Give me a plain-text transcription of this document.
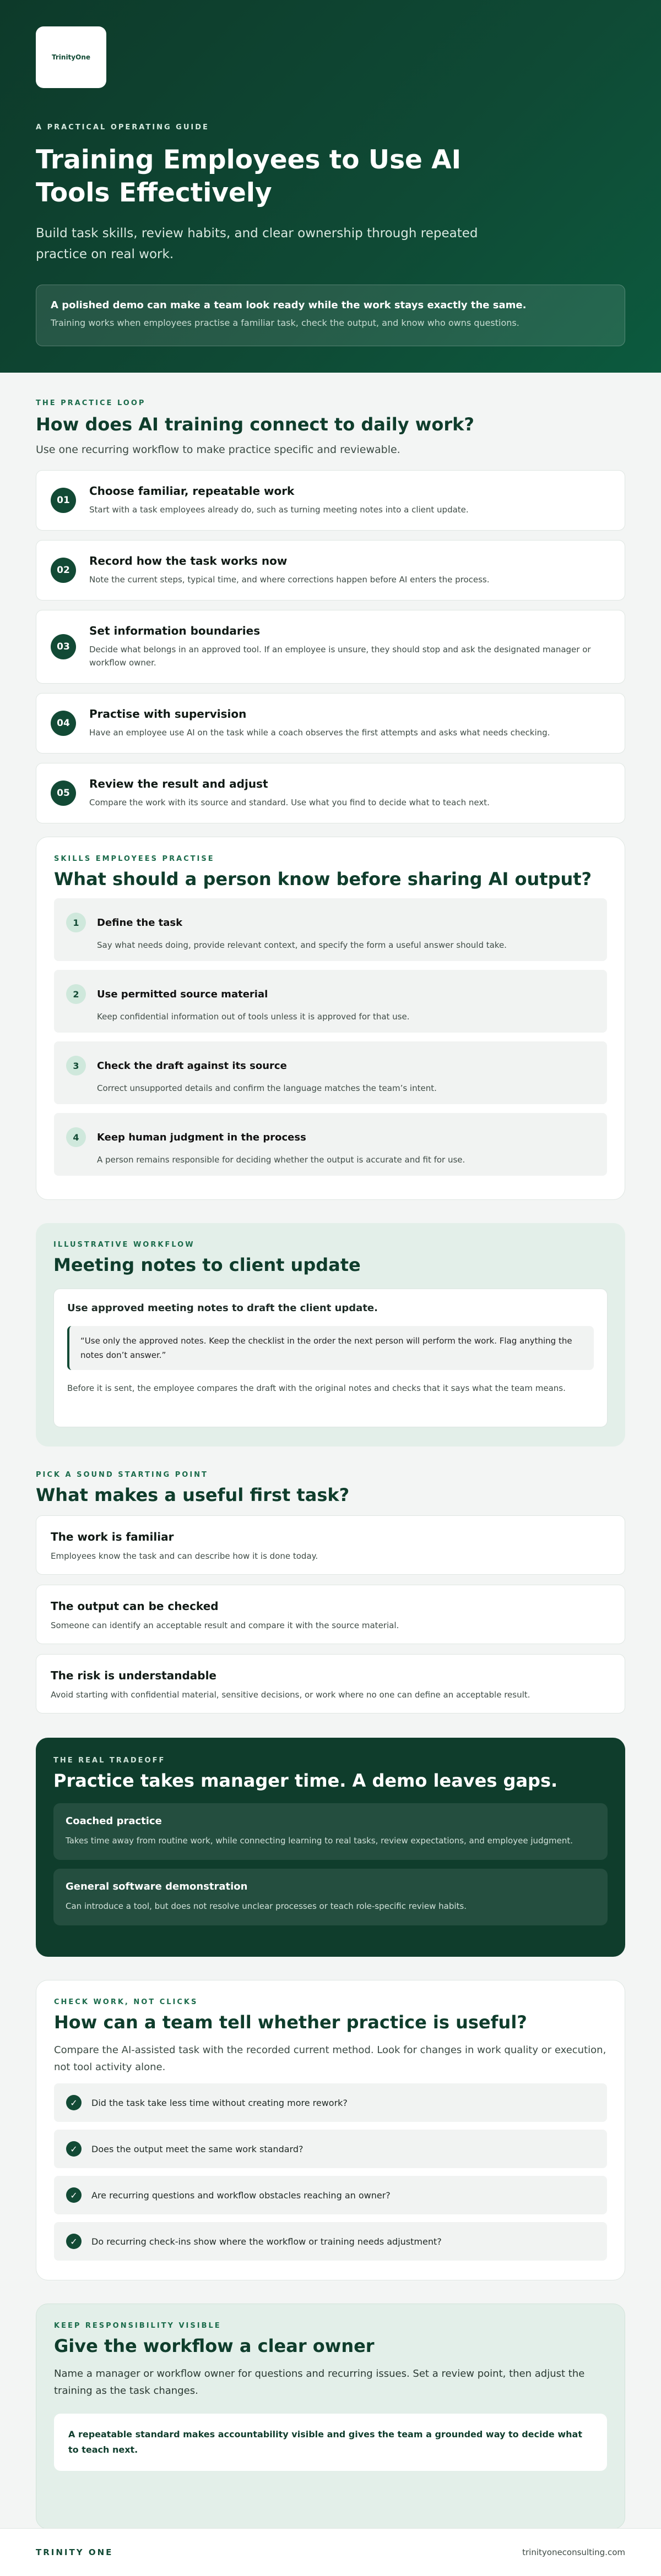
TrinityOne
A PRACTICAL OPERATING GUIDE
Training Employees to Use AI Tools Effectively

Build task skills, review habits, and clear ownership through repeated practice on real work.

A polished demo can make a team look ready while the work stays exactly the same.
Training works when employees practise a familiar task, check the output, and know who owns questions.
THE PRACTICE LOOP
How does AI training connect to daily work?

Use one recurring workflow to make practice specific and reviewable.

01
Choose familiar, repeatable work
Start with a task employees already do, such as turning meeting notes into a client update.
02
Record how the task works now
Note the current steps, typical time, and where corrections happen before AI enters the process.
03
Set information boundaries
Decide what belongs in an approved tool. If an employee is unsure, they should stop and ask the designated manager or workflow owner.
04
Practise with supervision
Have an employee use AI on the task while a coach observes the first attempts and asks what needs checking.
05
Review the result and adjust
Compare the work with its source and standard. Use what you find to decide what to teach next.
SKILLS EMPLOYEES PRACTISE
What should a person know before sharing AI output?
1	Define the task
Say what needs doing, provide relevant context, and specify the form a useful answer should take.
2	Use permitted source material
Keep confidential information out of tools unless it is approved for that use.
3	Check the draft against its source
Correct unsupported details and confirm the language matches the team’s intent.
4	Keep human judgment in the process
A person remains responsible for deciding whether the output is accurate and fit for use.
ILLUSTRATIVE WORKFLOW
Meeting notes to client update
Use approved meeting notes to draft the client update.
“Use only the approved notes. Keep the checklist in the order the next person will perform the work. Flag anything the notes don’t answer.”
Before it is sent, the employee compares the draft with the original notes and checks that it says what the team means.
PICK A SOUND STARTING POINT
What makes a useful first task?
The work is familiar
Employees know the task and can describe how it is done today.
The output can be checked
Someone can identify an acceptable result and compare it with the source material.
The risk is understandable
Avoid starting with confidential material, sensitive decisions, or work where no one can define an acceptable result.
THE REAL TRADEOFF
Practice takes manager time. A demo leaves gaps.
Coached practice
Takes time away from routine work, while connecting learning to real tasks, review expectations, and employee judgment.
General software demonstration
Can introduce a tool, but does not resolve unclear processes or teach role-specific review habits.
CHECK WORK, NOT CLICKS
How can a team tell whether practice is useful?

Compare the AI-assisted task with the recorded current method. Look for changes in work quality or execution, not tool activity alone.

✓	Did the task take less time without creating more rework?
✓	Does the output meet the same work standard?
✓	Are recurring questions and workflow obstacles reaching an owner?
✓	Do recurring check-ins show where the workflow or training needs adjustment?
KEEP RESPONSIBILITY VISIBLE
Give the workflow a clear owner

Name a manager or workflow owner for questions and recurring issues. Set a review point, then adjust the training as the task changes.

A repeatable standard makes accountability visible and gives the team a grounded way to decide what to teach next.
TRINITY ONE	trinityoneconsulting.com
